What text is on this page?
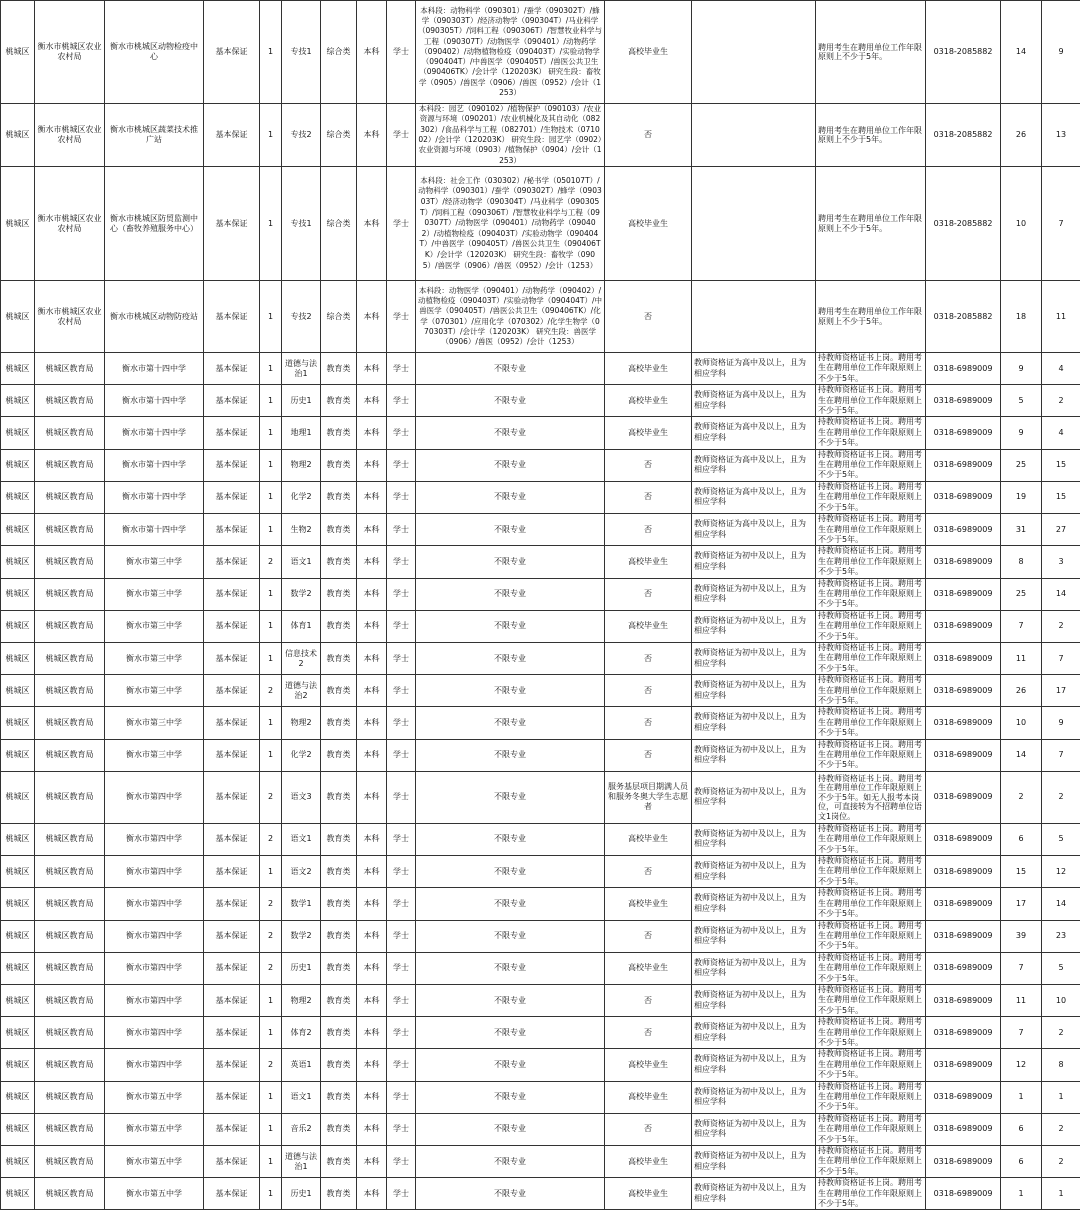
桃城区	衡水市桃城区农业农村局	衡水市桃城区动物检疫中心	基本保证	1	专技1	综合类	本科	学士	本科段：动物科学（090301）/蚕学（090302T）/蜂学（090303T）/经济动物学（090304T）/马业科学（090305T）/饲料工程（090306T）/智慧牧业科学与工程（090307T）/动物医学（090401）/动物药学（090402）/动物植物检疫（090403T）/实验动物学（090404T）/中兽医学（090405T）/兽医公共卫生（090406TK）/会计学（120203K） 研究生段：畜牧学（0905）/兽医学（0906）/兽医（0952）/会计（1253）	高校毕业生		聘用考生在聘用单位工作年限原则上不少于5年。	0318-2085882	14	9
桃城区	衡水市桃城区农业农村局	衡水市桃城区蔬菜技术推广站	基本保证	1	专技2	综合类	本科	学士	本科段：园艺（090102）/植物保护（090103）/农业资源与环境（090201）/农业机械化及其自动化（082302）/食品科学与工程（082701）/生物技术（071002）/会计学（120203K） 研究生段：园艺学（0902）农业资源与环境（0903）/植物保护（0904）/会计（1253）	否		聘用考生在聘用单位工作年限原则上不少于5年。	0318-2085882	26	13
桃城区	衡水市桃城区农业农村局	衡水市桃城区防贸监测中心（畜牧养殖服务中心）	基本保证	1	专技1	综合类	本科	学士	本科段：社会工作（030302）/秘书学（050107T）/动物科学（090301）/蚕学（090302T）/蜂学（090303T）/经济动物学（090304T）/马业科学（090305T）/饲料工程（090306T）/智慧牧业科学与工程（090307T）/动物医学（090401）/动物药学（090402）/动植物检疫（090403T）/实验动物学（090404T）/中兽医学（090405T）/兽医公共卫生（090406TK）/会计学（120203K） 研究生段：畜牧学（0905）/兽医学（0906）/兽医（0952）/会计（1253）	高校毕业生		聘用考生在聘用单位工作年限原则上不少于5年。	0318-2085882	10	7
桃城区	衡水市桃城区农业农村局	衡水市桃城区动物防疫站	基本保证	1	专技2	综合类	本科	学士	本科段：动物医学（090401）/动物药学（090402）/动植物检疫（090403T）/实验动物学（090404T）/中兽医学（090405T）/兽医公共卫生（090406TK）/化学（070301）/应用化学（070302）/化学生物学（070303T）/会计学（120203K） 研究生段：兽医学（0906）/兽医（0952）/会计（1253）	否		聘用考生在聘用单位工作年限原则上不少于5年。	0318-2085882	18	11
桃城区	桃城区教育局	衡水市第十四中学	基本保证	1	道德与法治1	教育类	本科	学士	不限专业	高校毕业生	教师资格证为高中及以上，且为相应学科	持教师资格证书上岗。聘用考生在聘用单位工作年限原则上不少于5年。	0318-6989009	9	4
桃城区	桃城区教育局	衡水市第十四中学	基本保证	1	历史1	教育类	本科	学士	不限专业	高校毕业生	教师资格证为高中及以上，且为相应学科	持教师资格证书上岗。聘用考生在聘用单位工作年限原则上不少于5年。	0318-6989009	5	2
桃城区	桃城区教育局	衡水市第十四中学	基本保证	1	地理1	教育类	本科	学士	不限专业	高校毕业生	教师资格证为高中及以上，且为相应学科	持教师资格证书上岗。聘用考生在聘用单位工作年限原则上不少于5年。	0318-6989009	9	4
桃城区	桃城区教育局	衡水市第十四中学	基本保证	1	物理2	教育类	本科	学士	不限专业	否	教师资格证为高中及以上，且为相应学科	持教师资格证书上岗。聘用考生在聘用单位工作年限原则上不少于5年。	0318-6989009	25	15
桃城区	桃城区教育局	衡水市第十四中学	基本保证	1	化学2	教育类	本科	学士	不限专业	否	教师资格证为高中及以上，且为相应学科	持教师资格证书上岗。聘用考生在聘用单位工作年限原则上不少于5年。	0318-6989009	19	15
桃城区	桃城区教育局	衡水市第十四中学	基本保证	1	生物2	教育类	本科	学士	不限专业	否	教师资格证为高中及以上，且为相应学科	持教师资格证书上岗。聘用考生在聘用单位工作年限原则上不少于5年。	0318-6989009	31	27
桃城区	桃城区教育局	衡水市第三中学	基本保证	2	语文1	教育类	本科	学士	不限专业	高校毕业生	教师资格证为初中及以上，且为相应学科	持教师资格证书上岗。聘用考生在聘用单位工作年限原则上不少于5年。	0318-6989009	8	3
桃城区	桃城区教育局	衡水市第三中学	基本保证	1	数学2	教育类	本科	学士	不限专业	否	教师资格证为初中及以上，且为相应学科	持教师资格证书上岗。聘用考生在聘用单位工作年限原则上不少于5年。	0318-6989009	25	14
桃城区	桃城区教育局	衡水市第三中学	基本保证	1	体育1	教育类	本科	学士	不限专业	高校毕业生	教师资格证为初中及以上，且为相应学科	持教师资格证书上岗。聘用考生在聘用单位工作年限原则上不少于5年。	0318-6989009	7	2
桃城区	桃城区教育局	衡水市第三中学	基本保证	1	信息技术2	教育类	本科	学士	不限专业	否	教师资格证为初中及以上，且为相应学科	持教师资格证书上岗。聘用考生在聘用单位工作年限原则上不少于5年。	0318-6989009	11	7
桃城区	桃城区教育局	衡水市第三中学	基本保证	2	道德与法治2	教育类	本科	学士	不限专业	否	教师资格证为初中及以上，且为相应学科	持教师资格证书上岗。聘用考生在聘用单位工作年限原则上不少于5年。	0318-6989009	26	17
桃城区	桃城区教育局	衡水市第三中学	基本保证	1	物理2	教育类	本科	学士	不限专业	否	教师资格证为初中及以上，且为相应学科	持教师资格证书上岗。聘用考生在聘用单位工作年限原则上不少于5年。	0318-6989009	10	9
桃城区	桃城区教育局	衡水市第三中学	基本保证	1	化学2	教育类	本科	学士	不限专业	否	教师资格证为初中及以上，且为相应学科	持教师资格证书上岗。聘用考生在聘用单位工作年限原则上不少于5年。	0318-6989009	14	7
桃城区	桃城区教育局	衡水市第四中学	基本保证	2	语文3	教育类	本科	学士	不限专业	服务基层项目期满人员和服务冬奥大学生志愿者	教师资格证为初中及以上，且为相应学科	持教师资格证书上岗。聘用考生在聘用单位工作年限原则上不少于5年。如无人报考本岗位，可直接转为不招聘单位语文1岗位。	0318-6989009	2	2
桃城区	桃城区教育局	衡水市第四中学	基本保证	2	语文1	教育类	本科	学士	不限专业	高校毕业生	教师资格证为初中及以上，且为相应学科	持教师资格证书上岗。聘用考生在聘用单位工作年限原则上不少于5年。	0318-6989009	6	5
桃城区	桃城区教育局	衡水市第四中学	基本保证	1	语文2	教育类	本科	学士	不限专业	否	教师资格证为初中及以上，且为相应学科	持教师资格证书上岗。聘用考生在聘用单位工作年限原则上不少于5年。	0318-6989009	15	12
桃城区	桃城区教育局	衡水市第四中学	基本保证	2	数学1	教育类	本科	学士	不限专业	高校毕业生	教师资格证为初中及以上，且为相应学科	持教师资格证书上岗。聘用考生在聘用单位工作年限原则上不少于5年。	0318-6989009	17	14
桃城区	桃城区教育局	衡水市第四中学	基本保证	2	数学2	教育类	本科	学士	不限专业	否	教师资格证为初中及以上，且为相应学科	持教师资格证书上岗。聘用考生在聘用单位工作年限原则上不少于5年。	0318-6989009	39	23
桃城区	桃城区教育局	衡水市第四中学	基本保证	2	历史1	教育类	本科	学士	不限专业	高校毕业生	教师资格证为初中及以上，且为相应学科	持教师资格证书上岗。聘用考生在聘用单位工作年限原则上不少于5年。	0318-6989009	7	5
桃城区	桃城区教育局	衡水市第四中学	基本保证	1	物理2	教育类	本科	学士	不限专业	否	教师资格证为初中及以上，且为相应学科	持教师资格证书上岗。聘用考生在聘用单位工作年限原则上不少于5年。	0318-6989009	11	10
桃城区	桃城区教育局	衡水市第四中学	基本保证	1	体育2	教育类	本科	学士	不限专业	否	教师资格证为初中及以上，且为相应学科	持教师资格证书上岗。聘用考生在聘用单位工作年限原则上不少于5年。	0318-6989009	7	2
桃城区	桃城区教育局	衡水市第四中学	基本保证	2	英语1	教育类	本科	学士	不限专业	高校毕业生	教师资格证为初中及以上，且为相应学科	持教师资格证书上岗。聘用考生在聘用单位工作年限原则上不少于5年。	0318-6989009	12	8
桃城区	桃城区教育局	衡水市第五中学	基本保证	1	语文1	教育类	本科	学士	不限专业	高校毕业生	教师资格证为初中及以上，且为相应学科	持教师资格证书上岗。聘用考生在聘用单位工作年限原则上不少于5年。	0318-6989009	1	1
桃城区	桃城区教育局	衡水市第五中学	基本保证	1	音乐2	教育类	本科	学士	不限专业	否	教师资格证为初中及以上，且为相应学科	持教师资格证书上岗。聘用考生在聘用单位工作年限原则上不少于5年。	0318-6989009	6	2
桃城区	桃城区教育局	衡水市第五中学	基本保证	1	道德与法治1	教育类	本科	学士	不限专业	高校毕业生	教师资格证为初中及以上，且为相应学科	持教师资格证书上岗。聘用考生在聘用单位工作年限原则上不少于5年。	0318-6989009	6	2
桃城区	桃城区教育局	衡水市第五中学	基本保证	1	历史1	教育类	本科	学士	不限专业	高校毕业生	教师资格证为初中及以上，且为相应学科	持教师资格证书上岗。聘用考生在聘用单位工作年限原则上不少于5年。	0318-6989009	1	1
